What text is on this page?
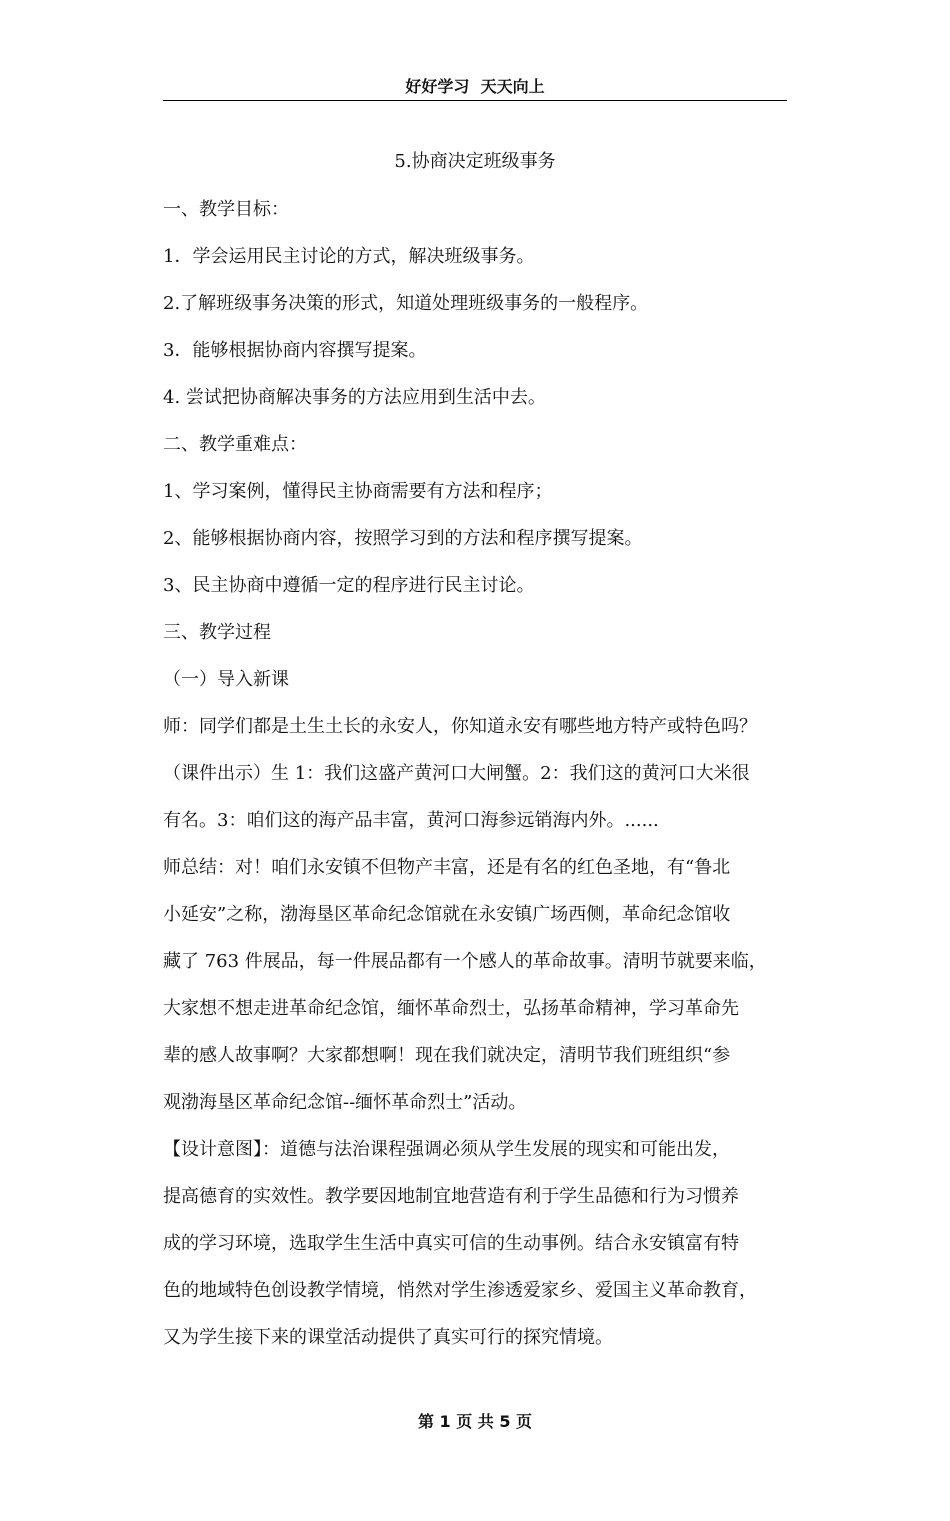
好好学习  天天向上
5.协商决定班级事务
一、教学目标：
1．学会运用民主讨论的方式，解决班级事务。
2.了解班级事务决策的形式，知道处理班级事务的一般程序。
3．能够根据协商内容撰写提案。
4. 尝试把协商解决事务的方法应用到生活中去。
二、教学重难点：
1、学习案例，懂得民主协商需要有方法和程序；
2、能够根据协商内容，按照学习到的方法和程序撰写提案。
3、民主协商中遵循一定的程序进行民主讨论。
三、教学过程
（一）导入新课
师：同学们都是土生土长的永安人，你知道永安有哪些地方特产或特色吗？
（课件出示）生 1：我们这盛产黄河口大闸蟹。2：我们这的黄河口大米很
有名。3：咱们这的海产品丰富，黄河口海参远销海内外。......
师总结：对！咱们永安镇不但物产丰富，还是有名的红色圣地，有“鲁北
小延安”之称，渤海垦区革命纪念馆就在永安镇广场西侧，革命纪念馆收
藏了 763 件展品，每一件展品都有一个感人的革命故事。清明节就要来临，
大家想不想走进革命纪念馆，缅怀革命烈士，弘扬革命精神，学习革命先
辈的感人故事啊？大家都想啊！现在我们就决定，清明节我们班组织“参
观渤海垦区革命纪念馆--缅怀革命烈士”活动。
【设计意图】：道德与法治课程强调必须从学生发展的现实和可能出发，
提高德育的实效性。教学要因地制宜地营造有利于学生品德和行为习惯养
成的学习环境，选取学生生活中真实可信的生动事例。结合永安镇富有特
色的地域特色创设教学情境，悄然对学生渗透爱家乡、爱国主义革命教育，
又为学生接下来的课堂活动提供了真实可行的探究情境。
第 1 页 共 5 页
